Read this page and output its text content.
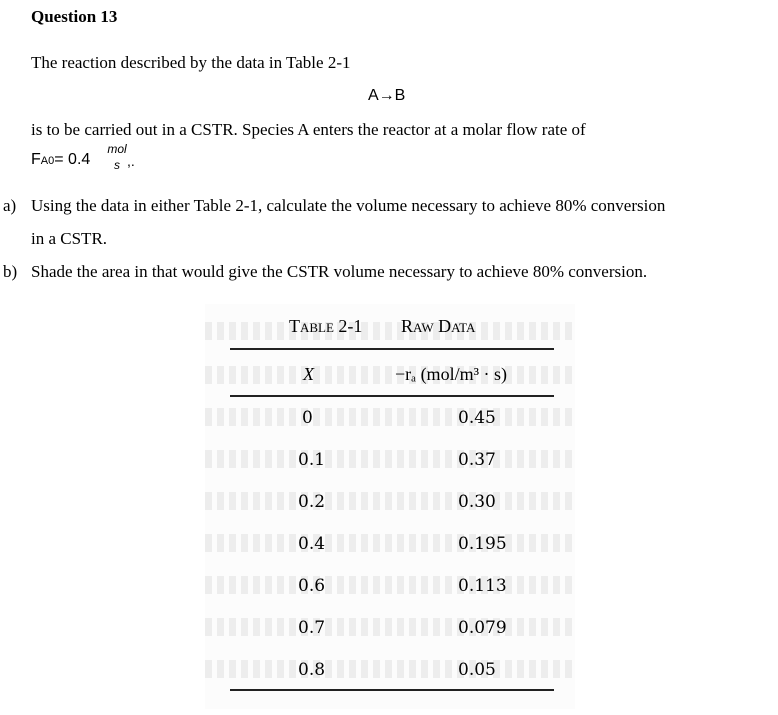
Question 13
The reaction described by the data in Table 2-1
A→B
is to be carried out in a CSTR. Species A enters the reactor at a molar flow rate of
FA0= 0.4
mol
s ,.
a) Using the data in either Table 2-1, calculate the volume necessary to achieve 80% conversion
in a CSTR.
b) Shade the area in that would give the CSTR volume necessary to achieve 80% conversion.
Table 2-1 Raw Data
X	−rₐ (mol/m³ · s)
0	0.45
0.1	0.37
0.2	0.30
0.4	0.195
0.6	0.113
0.7	0.079
0.8	0.05
